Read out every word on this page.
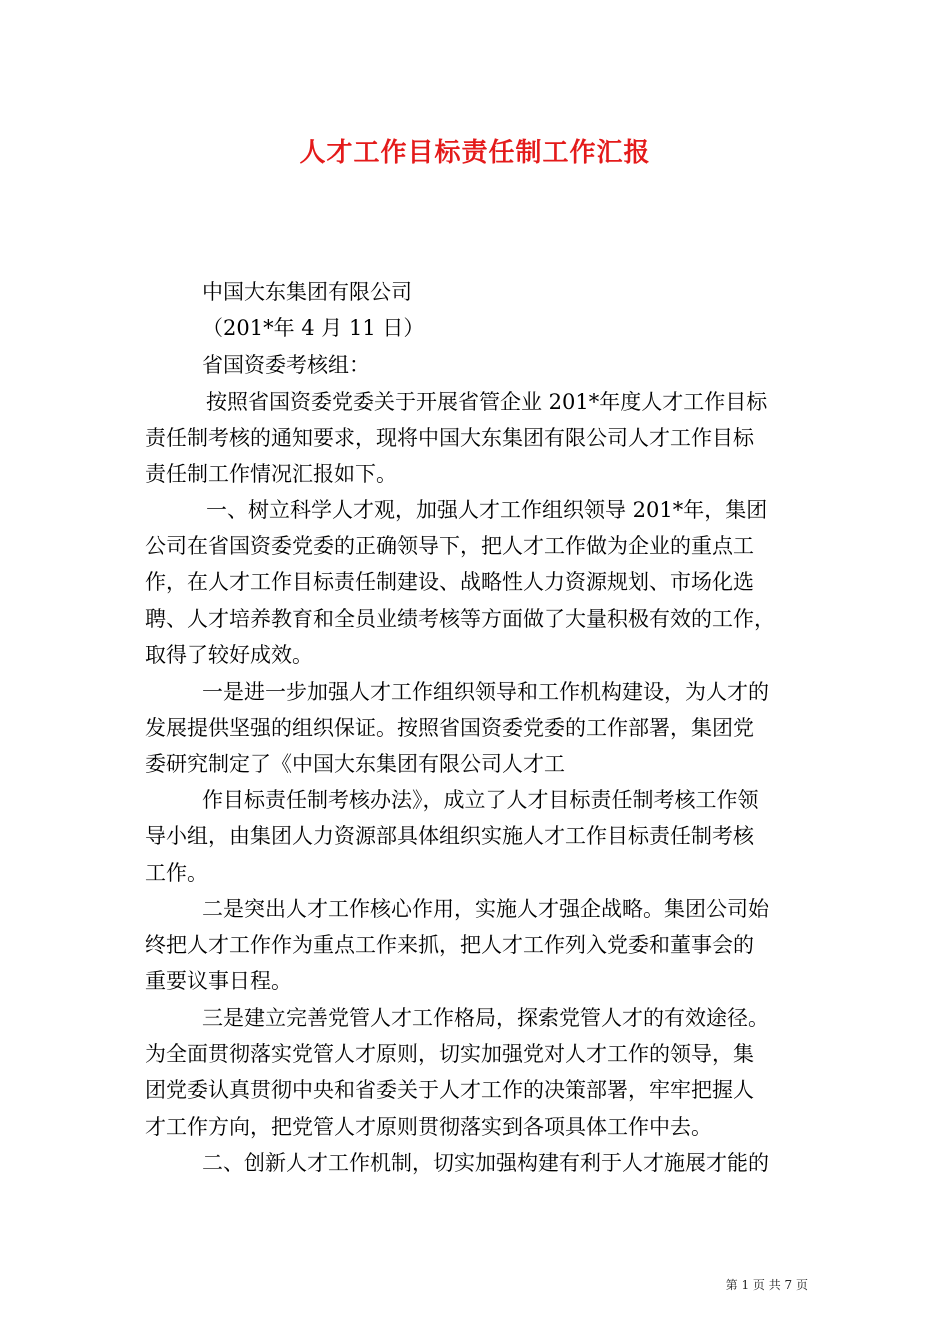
人才工作目标责任制工作汇报
中国大东集团有限公司
（201*年 4 月 11 日）
省国资委考核组：
按照省国资委党委关于开展省管企业 201*年度人才工作目标
责任制考核的通知要求，现将中国大东集团有限公司人才工作目标
责任制工作情况汇报如下。
一、树立科学人才观，加强人才工作组织领导 201*年，集团
公司在省国资委党委的正确领导下，把人才工作做为企业的重点工
作，在人才工作目标责任制建设、战略性人力资源规划、市场化选
聘、人才培养教育和全员业绩考核等方面做了大量积极有效的工作，
取得了较好成效。
一是进一步加强人才工作组织领导和工作机构建设，为人才的
发展提供坚强的组织保证。按照省国资委党委的工作部署，集团党
委研究制定了《中国大东集团有限公司人才工
作目标责任制考核办法》，成立了人才目标责任制考核工作领
导小组，由集团人力资源部具体组织实施人才工作目标责任制考核
工作。
二是突出人才工作核心作用，实施人才强企战略。集团公司始
终把人才工作作为重点工作来抓，把人才工作列入党委和董事会的
重要议事日程。
三是建立完善党管人才工作格局，探索党管人才的有效途径。
为全面贯彻落实党管人才原则，切实加强党对人才工作的领导，集
团党委认真贯彻中央和省委关于人才工作的决策部署，牢牢把握人
才工作方向，把党管人才原则贯彻落实到各项具体工作中去。
二、创新人才工作机制，切实加强构建有利于人才施展才能的
第 1 页 共 7 页
